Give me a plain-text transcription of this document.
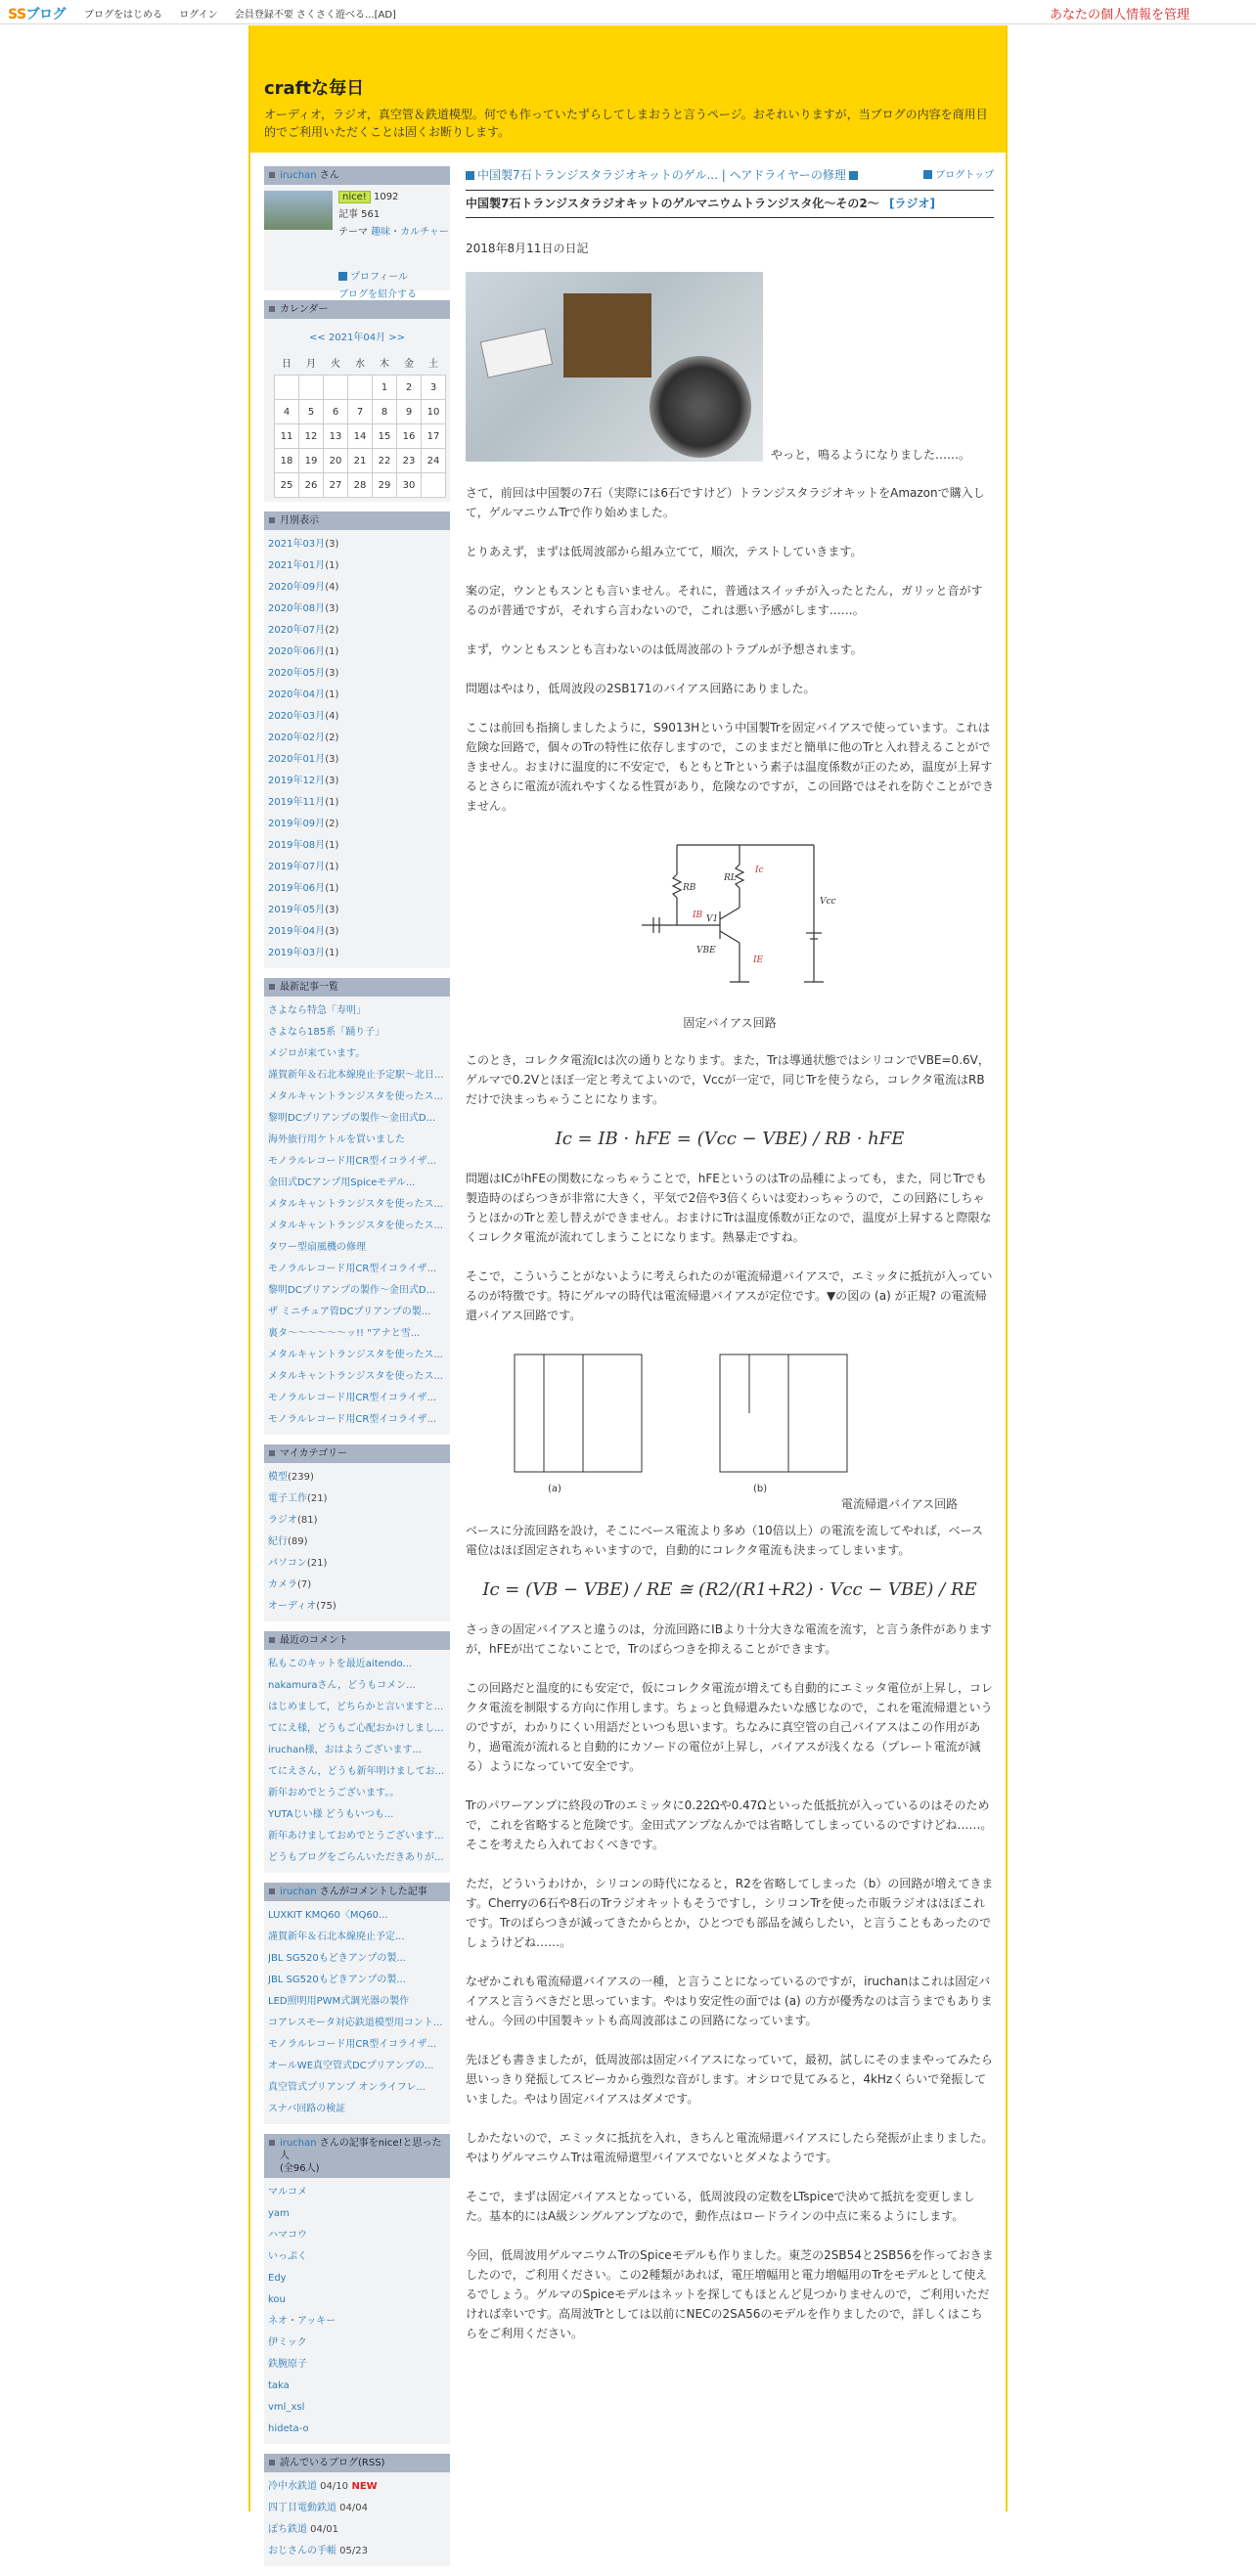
SSブログ ブログをはじめる ログイン 会員登録不要 さくさく遊べる...[AD]	あなたの個人情報を管理
craftな毎日
オーディオ，ラジオ，真空管＆鉄道模型。何でも作っていたずらしてしまおうと言うページ。おそれいりますが，当ブログの内容を商用目的でご利用いただくことは固くお断りします。
iruchan さん
nice! 1092
記事 561
テーマ 趣味・カルチャー
プロフィール
ブログを紹介する
カレンダー
<< 2021年04月 >>
日	月	火	水	木	金	土
				1	2	3
4	5	6	7	8	9	10
11	12	13	14	15	16	17
18	19	20	21	22	23	24
25	26	27	28	29	30	
月別表示
2021年03月(3)
2021年01月(1)
2020年09月(4)
2020年08月(3)
2020年07月(2)
2020年06月(1)
2020年05月(3)
2020年04月(1)
2020年03月(4)
2020年02月(2)
2020年01月(3)
2019年12月(3)
2019年11月(1)
2019年09月(2)
2019年08月(1)
2019年07月(1)
2019年06月(1)
2019年05月(3)
2019年04月(3)
2019年03月(1)
最新記事一覧
さよなら特急「寿明」
さよなら185系「踊り子」
メジロが来ています。
謹賀新年＆石北本線廃止予定駅～北日...
メタルキャントランジスタを使ったス...
黎明DCプリアンプの製作～金田式D...
海外旅行用ケトルを買いました
モノラルレコード用CR型イコライザ...
金田式DCアンプ用Spiceモデル...
メタルキャントランジスタを使ったス...
メタルキャントランジスタを使ったス...
タワー型扇風機の修理
モノラルレコード用CR型イコライザ...
黎明DCプリアンプの製作～金田式D...
ザ ミニチュア管DCプリアンプの製...
裏タ～～～～～～ッ!! "アナと雪...
メタルキャントランジスタを使ったス...
メタルキャントランジスタを使ったス...
モノラルレコード用CR型イコライザ...
モノラルレコード用CR型イコライザ...
マイカテゴリー
模型(239)
電子工作(21)
ラジオ(81)
紀行(89)
パソコン(21)
カメラ(7)
オーディオ(75)
最近のコメント
私もこのキットを最近aitendo...
nakamuraさん，どうもコメン...
はじめまして，どちらかと言いますと...
てにえ様，どうもご心配おかけしまし...
iruchan様，おはようございます...
てにえさん，どうも新年明けましてお...
新年おめでとうございます。。
YUTAじい様 どうもいつも...
新年あけましておめでとうございます...
どうもブログをごらんいただきありが...
iruchan さんがコメントした記事
LUXKIT KMQ60〈MQ60...
謹賀新年＆石北本線廃止予定...
JBL SG520もどきアンプの製...
JBL SG520もどきアンプの製...
LED照明用PWM式調光器の製作
コアレスモータ対応鉄道模型用コント...
モノラルレコード用CR型イコライザ...
オールWE真空管式DCプリアンプの...
真空管式プリアンプ オンライフレ...
スナバ回路の検証
iruchan さんの記事をnice!と思った人
(全96人)
マルコメ
yam
ハマコウ
いっぷく
Edy
kou
ネオ・アッキー
伊ミック
鉄腕原子
taka
vml_xsl
hideta-o
読んでいるブログ(RSS)
冷中水鉄道 04/10 NEW
四丁目電動鉄道 04/04
ぽち鉄道 04/01
おじさんの手帳 05/23
中国製7石トランジスタラジオキットのゲル... | ヘアドライヤーの修理	ブログトップ
中国製7石トランジスタラジオキットのゲルマニウムトランジスタ化～その2～ [ラジオ]
2018年8月11日の日記
やっと，鳴るようになりました……。

さて，前回は中国製の7石（実際には6石ですけど）トランジスタラジオキットをAmazonで購入して，ゲルマニウムTrで作り始めました。

とりあえず，まずは低周波部から組み立てて，順次，テストしていきます。

案の定，ウンともスンとも言いません。それに，普通はスイッチが入ったとたん，ガリッと音がするのが普通ですが，それすら言わないので，これは悪い予感がします……。

まず，ウンともスンとも言わないのは低周波部のトラブルが予想されます。

問題はやはり，低周波段の2SB171のバイアス回路にありました。

ここは前回も指摘しましたように，S9013Hという中国製Trを固定バイアスで使っています。これは危険な回路で，個々のTrの特性に依存しますので，このままだと簡単に他のTrと入れ替えることができません。おまけに温度的に不安定で，もともとTrという素子は温度係数が正のため，温度が上昇するとさらに電流が流れやすくなる性質があり，危険なのですが，この回路ではそれを防ぐことができません。

RB
RL
Ic
IB V1
VBE
IE
Vcc
固定バイアス回路

このとき，コレクタ電流Icは次の通りとなります。また，Trは導通状態ではシリコンでVBE=0.6V，ゲルマで0.2Vとほぼ一定と考えてよいので，Vccが一定で，同じTrを使うなら，コレクタ電流はRBだけで決まっちゃうことになります。

Ic = IB · hFE = (Vcc − VBE) / RB · hFE

問題はICがhFEの関数になっちゃうことで，hFEというのはTrの品種によっても，また，同じTrでも製造時のばらつきが非常に大きく，平気で2倍や3倍くらいは変わっちゃうので，この回路にしちゃうとほかのTrと差し替えができません。おまけにTrは温度係数が正なので，温度が上昇すると際限なくコレクタ電流が流れてしまうことになります。熱暴走ですね。

そこで，こういうことがないように考えられたのが電流帰還バイアスで，エミッタに抵抗が入っているのが特徴です。特にゲルマの時代は電流帰還バイアスが定位です。▼の図の (a) が正規? の電流帰還バイアス回路です。

(a)	(b)
電流帰還バイアス回路

ベースに分流回路を設け，そこにベース電流より多め（10倍以上）の電流を流してやれば，ベース電位はほぼ固定されちゃいますので，自動的にコレクタ電流も決まってしまいます。

Ic = (VB − VBE) / RE ≅ (R2/(R1+R2) · Vcc − VBE) / RE

さっきの固定バイアスと違うのは，分流回路にIBより十分大きな電流を流す，と言う条件がありますが，hFEが出てこないことで，Trのばらつきを抑えることができます。

この回路だと温度的にも安定で，仮にコレクタ電流が増えても自動的にエミッタ電位が上昇し，コレクタ電流を制限する方向に作用します。ちょっと負帰還みたいな感じなので，これを電流帰還というのですが，わかりにくい用語だといつも思います。ちなみに真空管の自己バイアスはこの作用があり，過電流が流れると自動的にカソードの電位が上昇し，バイアスが浅くなる（プレート電流が減る）ようになっていて安全です。

Trのパワーアンプに終段のTrのエミッタに0.22Ωや0.47Ωといった低抵抗が入っているのはそのためで，これを省略すると危険です。金田式アンプなんかでは省略してしまっているのですけどね……。そこを考えたら入れておくべきです。

ただ，どういうわけか，シリコンの時代になると，R2を省略してしまった（b）の回路が増えてきます。Cherryの6石や8石のTrラジオキットもそうですし，シリコンTrを使った市販ラジオはほぼこれです。Trのばらつきが減ってきたからとか，ひとつでも部品を減らしたい，と言うこともあったのでしょうけどね……。

なぜかこれも電流帰還バイアスの一種，と言うことになっているのですが，iruchanはこれは固定バイアスと言うべきだと思っています。やはり安定性の面では (a) の方が優秀なのは言うまでもありません。今回の中国製キットも高周波部はこの回路になっています。

先ほども書きましたが，低周波部は固定バイアスになっていて，最初，試しにそのままやってみたら思いっきり発振してスピーカから強烈な音がします。オシロで見てみると，4kHzくらいで発振していました。やはり固定バイアスはダメです。

しかたないので，エミッタに抵抗を入れ，きちんと電流帰還バイアスにしたら発振が止まりました。やはりゲルマニウムTrは電流帰還型バイアスでないとダメなようです。

そこで，まずは固定バイアスとなっている，低周波段の定数をLTspiceで決めて抵抗を変更しました。基本的にはA級シングルアンプなので，動作点はロードラインの中点に来るようにします。

今回，低周波用ゲルマニウムTrのSpiceモデルも作りました。東芝の2SB54と2SB56を作っておきましたので，ご利用ください。この2種類があれば，電圧増幅用と電力増幅用のTrをモデルとして使えるでしょう。ゲルマのSpiceモデルはネットを探してもほとんど見つかりませんので，ご利用いただければ幸いです。高周波Trとしては以前にNECの2SA56のモデルを作りましたので，詳しくはこちらをご利用ください。
